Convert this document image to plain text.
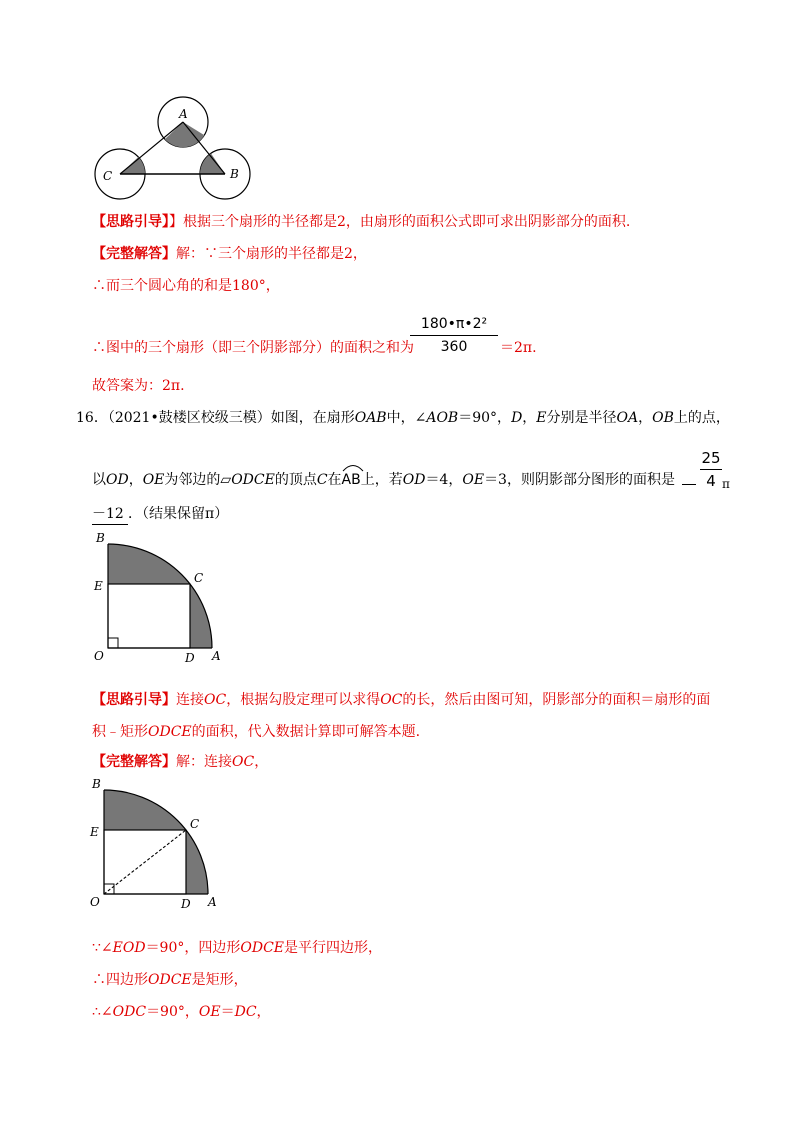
A
C	B
【思路引导】】根据三个扇形的半径都是2，由扇形的面积公式即可求出阴影部分的面积.
【完整解答】解：∵三个扇形的半径都是2，
∴而三个圆心角的和是180°，
180•π•2²
360
∴图中的三个扇形（即三个阴影部分）的面积之和为	＝2π.
故答案为：2π.
16．（2021•鼓楼区校级三模）如图，在扇形OAB中，∠AOB＝90°，D，E分别是半径OA，OB上的点，
以OD，OE为邻边的▱ODCE的顶点C在
AB上，若OD＝4，OE＝3，则阴影部分图形的面积是
25
4 π
－12 ．（结果保留π）
B
E
C
O	D A
【思路引导】连接OC，根据勾股定理可以求得OC的长，然后由图可知，阴影部分的面积＝扇形的面
积﹣矩形ODCE的面积，代入数据计算即可解答本题.
【完整解答】解：连接OC，
B
E
C
O	D A
∵∠EOD＝90°，四边形ODCE是平行四边形，
∴四边形ODCE是矩形，
∴∠ODC＝90°，OE＝DC，
